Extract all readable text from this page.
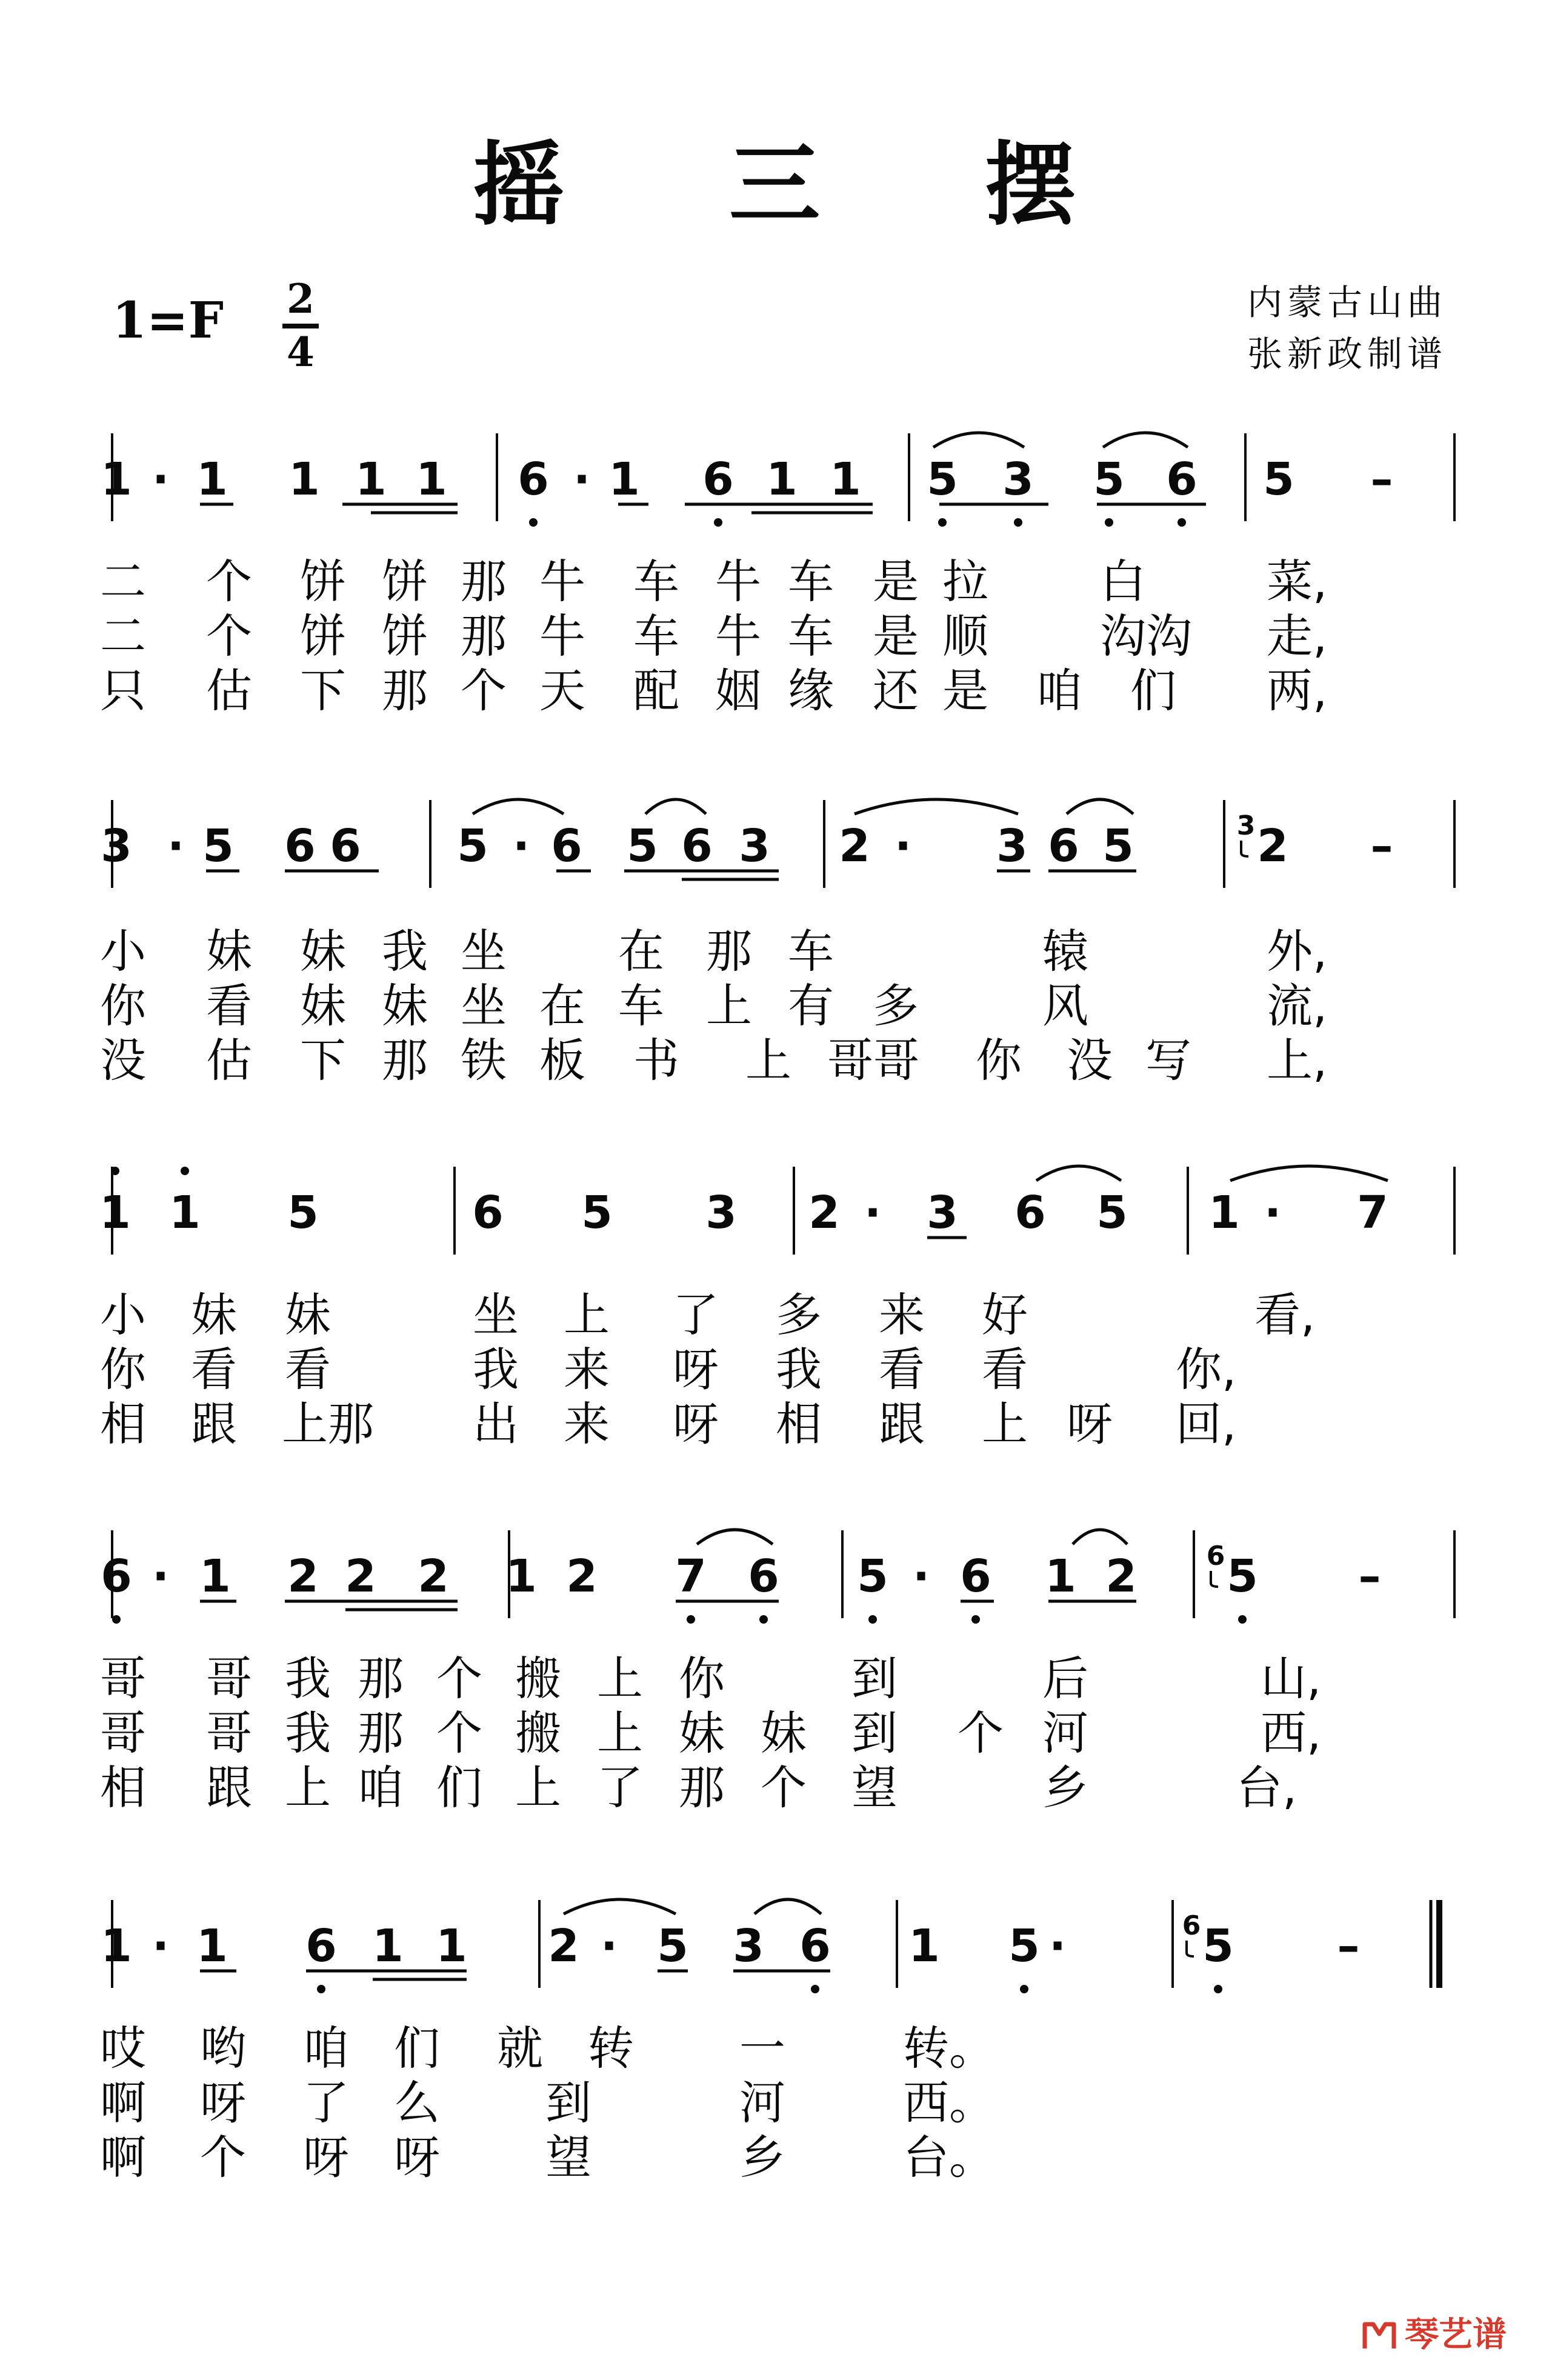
摇 三 摆
1=F 2
4
内蒙古山曲
张新政制谱
1 · 1 1 1 1 6 · 1 6 1 1 5 3 5 6 5 –
3 · 5 6 6 5 · 6 5 6 3 2 · 3 6 5	2
3	–
1 1 5	6 5 3 2 · 3 6 5 1 · 7
6 · 1 2 2 2 1 2 7 6 5 · 6 1 2 5
6	–
1 · 1 6 1 1 2 · 5 3 6 1 5 ·	5
6	–
二 个 饼 饼 那 牛 车 牛 车 是 拉 白	菜,
二 个 饼 饼 那 牛 车 牛 车 是 顺 沟沟 走,
只 估 下 那 个 天 配 姻 缘 还 是 咱 们 两,
小 妹 妹 我 坐 在 那 车	辕	外,
你 看 妹 妹 坐 在 车 上 有 多	风	流,
没 估 下 那 铁 板 书 上 哥哥 你 没 写 上,
小 妹 妹	坐 上 了 多 来 好	看,
你 看 看	我 来 呀 我 看 看	你,
相 跟 上那 出 来 呀 相 跟 上 呀 回,
哥 哥 我 那 个 搬 上 你	到	后	山,
哥 哥 我 那 个 搬 上 妹 妹 到 个 河	西,
相 跟 上 咱 们 上 了 那 个 望	乡	台,
哎 哟 咱 们 就 转 一	转。
啊 呀 了 么 到	河	西。
啊 个 呀 呀 望	乡	台。
琴艺谱
